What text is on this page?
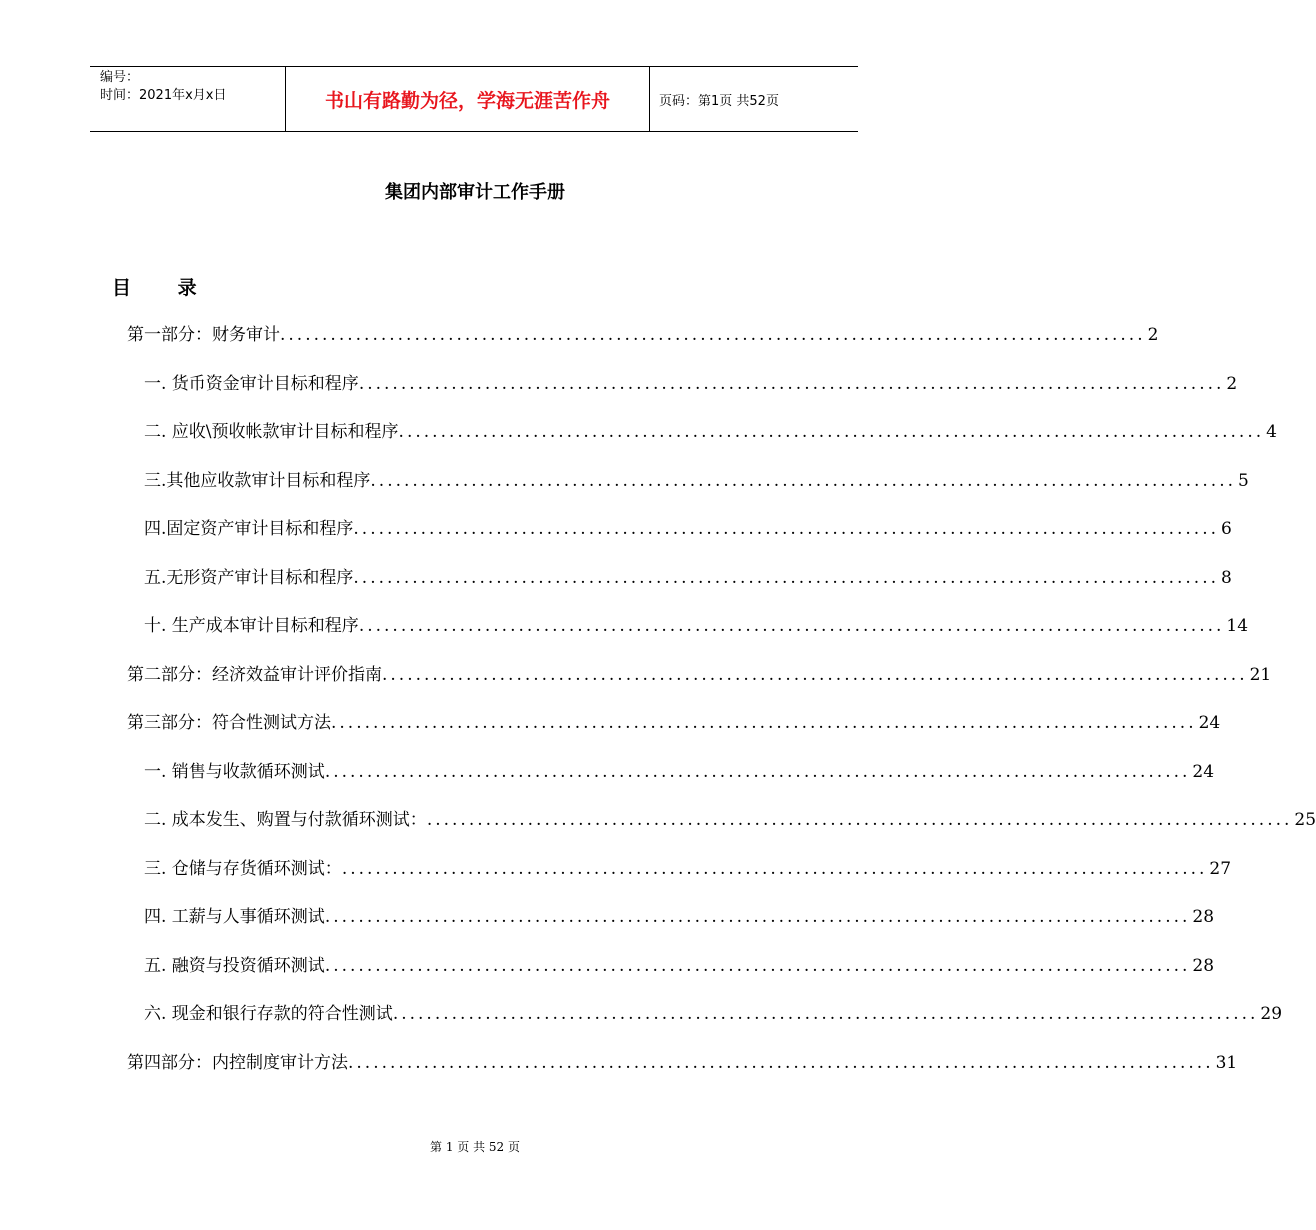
编号：
时间：2021年x月x日	书山有路勤为径，学海无涯苦作舟	页码：第1页 共52页
集团内部审计工作手册
目 录
第一部分：财务审计 ....................................................................................................... 2
一. 货币资金审计目标和程序 ....................................................................................................... 2
二. 应收\预收帐款审计目标和程序 ....................................................................................................... 4
三.其他应收款审计目标和程序 ....................................................................................................... 5
四.固定资产审计目标和程序 ....................................................................................................... 6
五.无形资产审计目标和程序 ....................................................................................................... 8
十. 生产成本审计目标和程序 ....................................................................................................... 14
第二部分：经济效益审计评价指南 ....................................................................................................... 21
第三部分：符合性测试方法 ....................................................................................................... 24
一. 销售与收款循环测试 ....................................................................................................... 24
二. 成本发生、购置与付款循环测试： ....................................................................................................... 25
三. 仓储与存货循环测试： ....................................................................................................... 27
四. 工薪与人事循环测试 ....................................................................................................... 28
五. 融资与投资循环测试 ....................................................................................................... 28
六. 现金和银行存款的符合性测试 ....................................................................................................... 29
第四部分：内控制度审计方法 ....................................................................................................... 31
第 1 页 共 52 页
